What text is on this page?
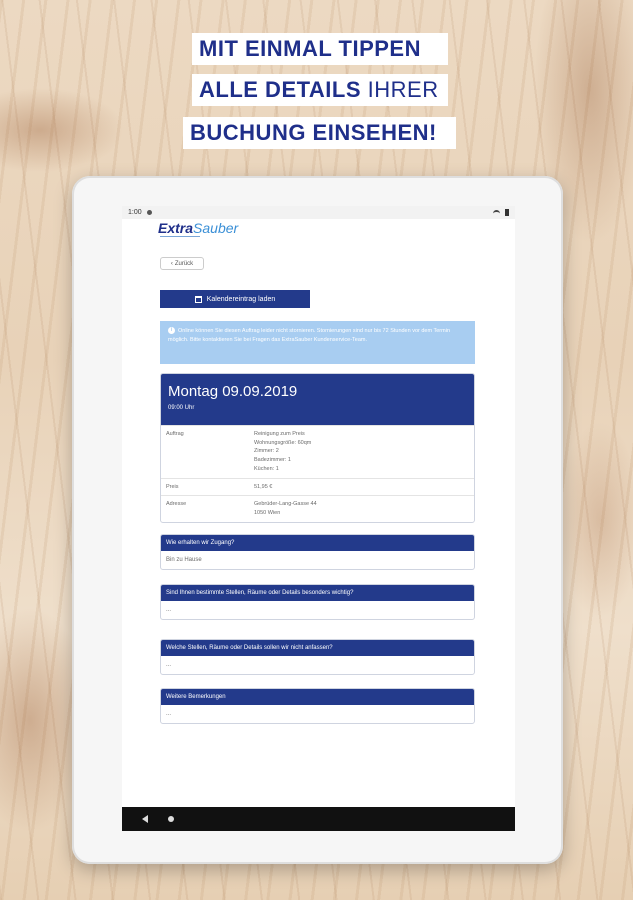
MIT EINMAL TIPPEN
ALLE DETAILS IHRER
BUCHUNG EINSEHEN!
1:00
ExtraSauber
‹ Zurück
Kalendereintrag laden
i Online können Sie diesen Auftrag leider nicht stornieren. Stornierungen sind nur bis 72 Stunden vor dem Termin möglich. Bitte kontaktieren Sie bei Fragen das ExtraSauber Kundenservice-Team.
Montag 09.09.2019
09:00 Uhr
Auftrag	Reinigung zum Preis
Wohnungsgröße: 60qm
Zimmer: 2
Badezimmer: 1
Küchen: 1
Preis	51,95 €
Adresse	Gebrüder-Lang-Gasse 44
1050 Wien
Wie erhalten wir Zugang?
Bin zu Hause
Sind Ihnen bestimmte Stellen, Räume oder Details besonders wichtig?
...
Welche Stellen, Räume oder Details sollen wir nicht anfassen?
...
Weitere Bemerkungen
...
